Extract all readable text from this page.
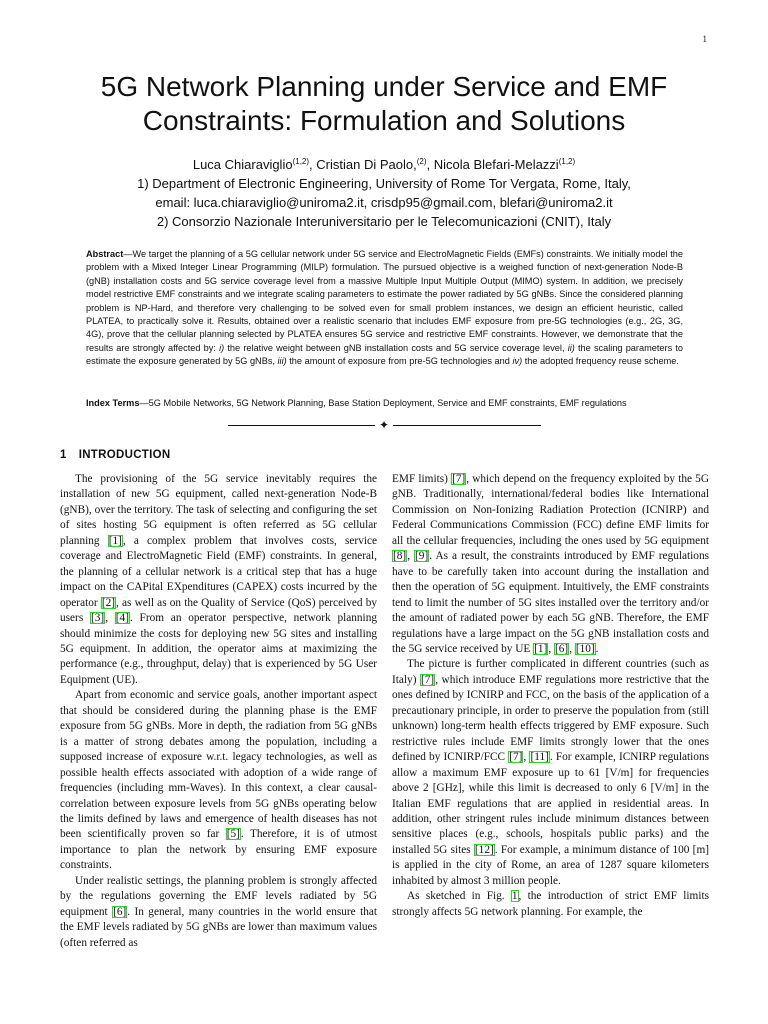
1
5G Network Planning under Service and EMF
Constraints: Formulation and Solutions
Luca Chiaraviglio$^{(1,2)}$, Cristian Di Paolo,$^{(2)}$, Nicola Blefari-Melazzi$^{(1,2)}$
1) Department of Electronic Engineering, University of Rome Tor Vergata, Rome, Italy,
email: luca.chiaraviglio@uniroma2.it, crisdp95@gmail.com, blefari@uniroma2.it
2) Consorzio Nazionale Interuniversitario per le Telecomunicazioni (CNIT), Italy
Abstract—We target the planning of a 5G cellular network under 5G service and ElectroMagnetic Fields (EMFs) constraints. We initially model the problem with a Mixed Integer Linear Programming (MILP) formulation. The pursued objective is a weighed function of next-generation Node-B (gNB) installation costs and 5G service coverage level from a massive Multiple Input Multiple Output (MIMO) system. In addition, we precisely model restrictive EMF constraints and we integrate scaling parameters to estimate the power radiated by 5G gNBs. Since the considered planning problem is NP-Hard, and therefore very challenging to be solved even for small problem instances, we design an efficient heuristic, called PLATEA, to practically solve it. Results, obtained over a realistic scenario that includes EMF exposure from pre-5G technologies (e.g., 2G, 3G, 4G), prove that the cellular planning selected by PLATEA ensures 5G service and restrictive EMF constraints. However, we demonstrate that the results are strongly affected by: i) the relative weight between gNB installation costs and 5G service coverage level, ii) the scaling parameters to estimate the exposure generated by 5G gNBs, iii) the amount of exposure from pre-5G technologies and iv) the adopted frequency reuse scheme.
Index Terms—5G Mobile Networks, 5G Network Planning, Base Station Deployment, Service and EMF constraints, EMF regulations
✦
1 INTRODUCTION

The provisioning of the 5G service inevitably requires the installation of new 5G equipment, called next-generation Node-B (gNB), over the territory. The task of selecting and configuring the set of sites hosting 5G equipment is often referred as 5G cellular planning [1], a complex problem that involves costs, service coverage and ElectroMagnetic Field (EMF) constraints. In general, the planning of a cellular network is a critical step that has a huge impact on the CAPital EXpenditures (CAPEX) costs incurred by the operator [2], as well as on the Quality of Service (QoS) perceived by users [3], [4]. From an operator perspective, network planning should minimize the costs for deploying new 5G sites and installing 5G equipment. In addition, the operator aims at maximizing the performance (e.g., throughput, delay) that is experienced by 5G User Equipment (UE).

Apart from economic and service goals, another important aspect that should be considered during the planning phase is the EMF exposure from 5G gNBs. More in depth, the radiation from 5G gNBs is a matter of strong debates among the population, including a supposed increase of exposure w.r.t. legacy technologies, as well as possible health effects associated with adoption of a wide range of frequencies (including mm-Waves). In this context, a clear causal-correlation between exposure levels from 5G gNBs operating below the limits defined by laws and emergence of health diseases has not been scientifically proven so far [5]. Therefore, it is of utmost importance to plan the network by ensuring EMF exposure constraints.

Under realistic settings, the planning problem is strongly affected by the regulations governing the EMF levels radiated by 5G equipment [6]. In general, many countries in the world ensure that the EMF levels radiated by 5G gNBs are lower than maximum values (often referred as

EMF limits) [7], which depend on the frequency exploited by the 5G gNB. Traditionally, international/federal bodies like International Commission on Non-Ionizing Radiation Protection (ICNIRP) and Federal Communications Commission (FCC) define EMF limits for all the cellular frequencies, including the ones used by 5G equipment [8], [9]. As a result, the constraints introduced by EMF regulations have to be carefully taken into account during the installation and then the operation of 5G equipment. Intuitively, the EMF constraints tend to limit the number of 5G sites installed over the territory and/or the amount of radiated power by each 5G gNB. Therefore, the EMF regulations have a large impact on the 5G gNB installation costs and the 5G service received by UE [1], [6], [10].

The picture is further complicated in different countries (such as Italy) [7], which introduce EMF regulations more restrictive that the ones defined by ICNIRP and FCC, on the basis of the application of a precautionary principle, in order to preserve the population from (still unknown) long-term health effects triggered by EMF exposure. Such restrictive rules include EMF limits strongly lower that the ones defined by ICNIRP/FCC [7], [11]. For example, ICNIRP regulations allow a maximum EMF exposure up to 61 [V/m] for frequencies above 2 [GHz], while this limit is decreased to only 6 [V/m] in the Italian EMF regulations that are applied in residential areas. In addition, other stringent rules include minimum distances between sensitive places (e.g., schools, hospitals public parks) and the installed 5G sites [12]. For example, a minimum distance of 100 [m] is applied in the city of Rome, an area of 1287 square kilometers inhabited by almost 3 million people.

As sketched in Fig. 1, the introduction of strict EMF limits strongly affects 5G network planning. For example, the
